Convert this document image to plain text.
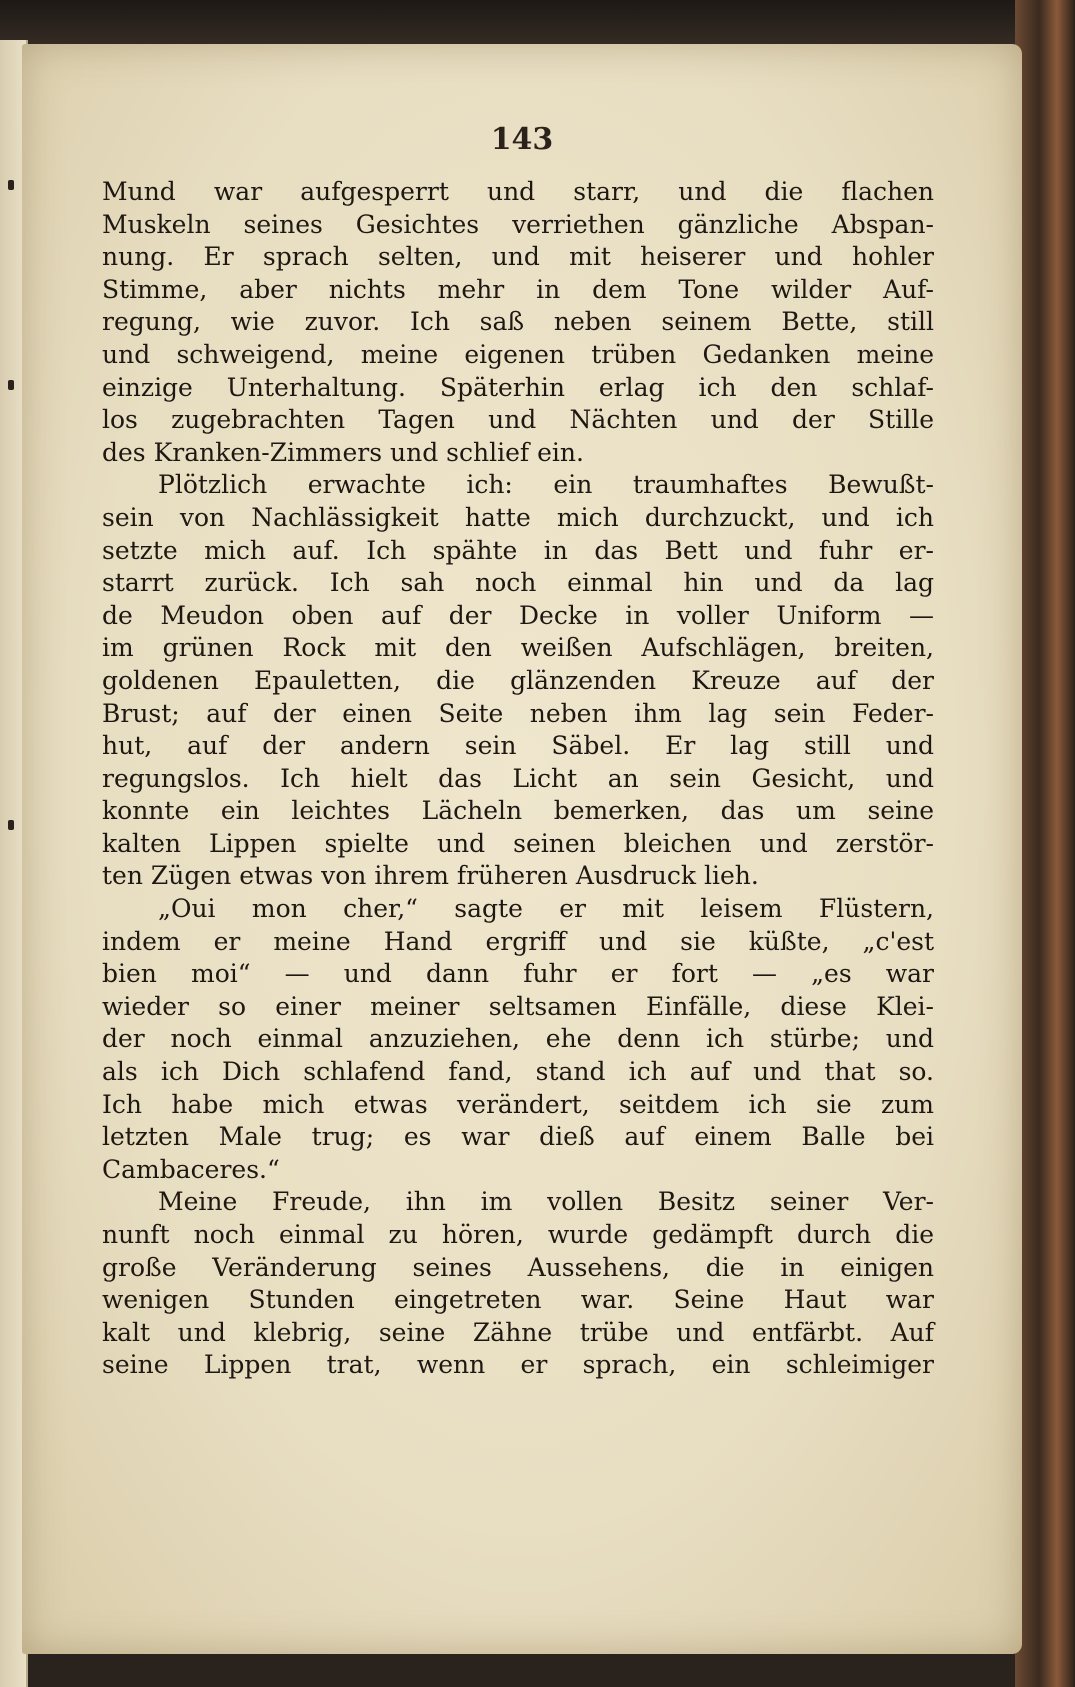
143
Mund war aufgesperrt und starr, und die flachen
Muskeln seines Gesichtes verriethen gänzliche Abspan-
nung. Er sprach selten, und mit heiserer und hohler
Stimme, aber nichts mehr in dem Tone wilder Auf-
regung, wie zuvor. Ich saß neben seinem Bette, still
und schweigend, meine eigenen trüben Gedanken meine
einzige Unterhaltung. Späterhin erlag ich den schlaf-
los zugebrachten Tagen und Nächten und der Stille
des Kranken-Zimmers und schlief ein.
Plötzlich erwachte ich: ein traumhaftes Bewußt-
sein von Nachlässigkeit hatte mich durchzuckt, und ich
setzte mich auf. Ich spähte in das Bett und fuhr er-
starrt zurück. Ich sah noch einmal hin und da lag
de Meudon oben auf der Decke in voller Uniform —
im grünen Rock mit den weißen Aufschlägen, breiten,
goldenen Epauletten, die glänzenden Kreuze auf der
Brust; auf der einen Seite neben ihm lag sein Feder-
hut, auf der andern sein Säbel. Er lag still und
regungslos. Ich hielt das Licht an sein Gesicht, und
konnte ein leichtes Lächeln bemerken, das um seine
kalten Lippen spielte und seinen bleichen und zerstör-
ten Zügen etwas von ihrem früheren Ausdruck lieh.
„Oui mon cher,“ sagte er mit leisem Flüstern,
indem er meine Hand ergriff und sie küßte, „c'est
bien moi“ — und dann fuhr er fort — „es war
wieder so einer meiner seltsamen Einfälle, diese Klei-
der noch einmal anzuziehen, ehe denn ich stürbe; und
als ich Dich schlafend fand, stand ich auf und that so.
Ich habe mich etwas verändert, seitdem ich sie zum
letzten Male trug; es war dieß auf einem Balle bei
Cambaceres.“
Meine Freude, ihn im vollen Besitz seiner Ver-
nunft noch einmal zu hören, wurde gedämpft durch die
große Veränderung seines Aussehens, die in einigen
wenigen Stunden eingetreten war. Seine Haut war
kalt und klebrig, seine Zähne trübe und entfärbt. Auf
seine Lippen trat, wenn er sprach, ein schleimiger
